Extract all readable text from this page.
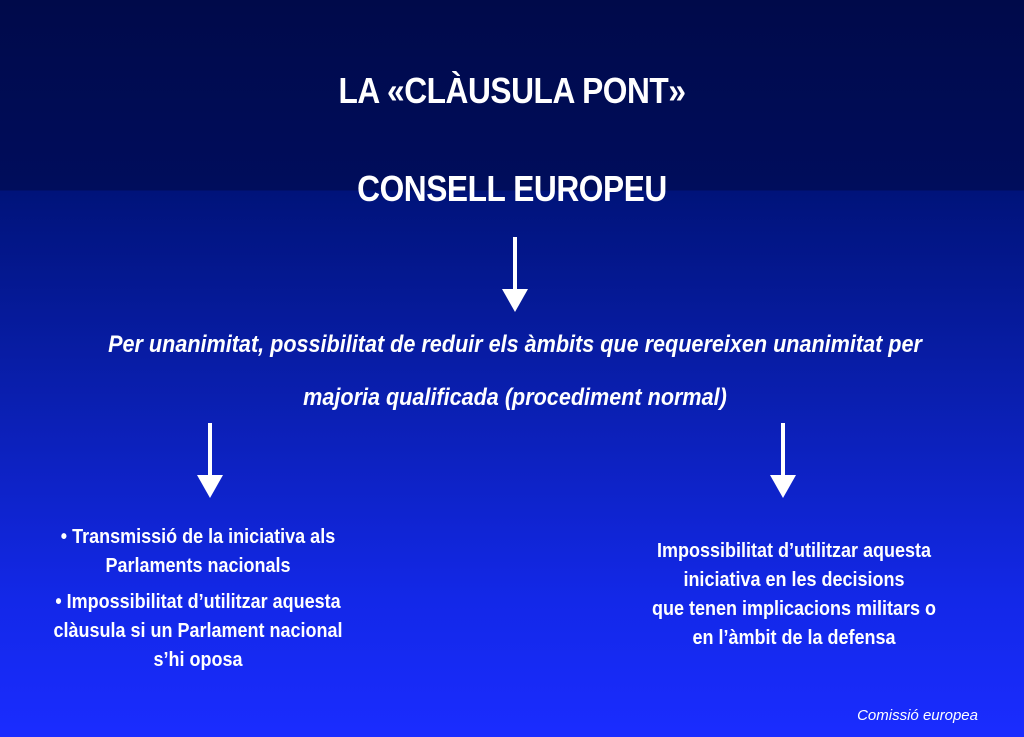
LA «CLÀUSULA PONT»
CONSELL EUROPEU
Per unanimitat, possibilitat de reduir els àmbits que requereixen unanimitat per
majoria qualificada (procediment normal)

• Transmissió de la iniciativa als Parlaments nacionals

• Impossibilitat d’utilitzar aquesta clàusula si un Parlament nacional s’hi oposa

Impossibilitat d’utilitzar aquesta
iniciativa en les decisions
que tenen implicacions militars o
en l’àmbit de la defensa
Comissió europea
